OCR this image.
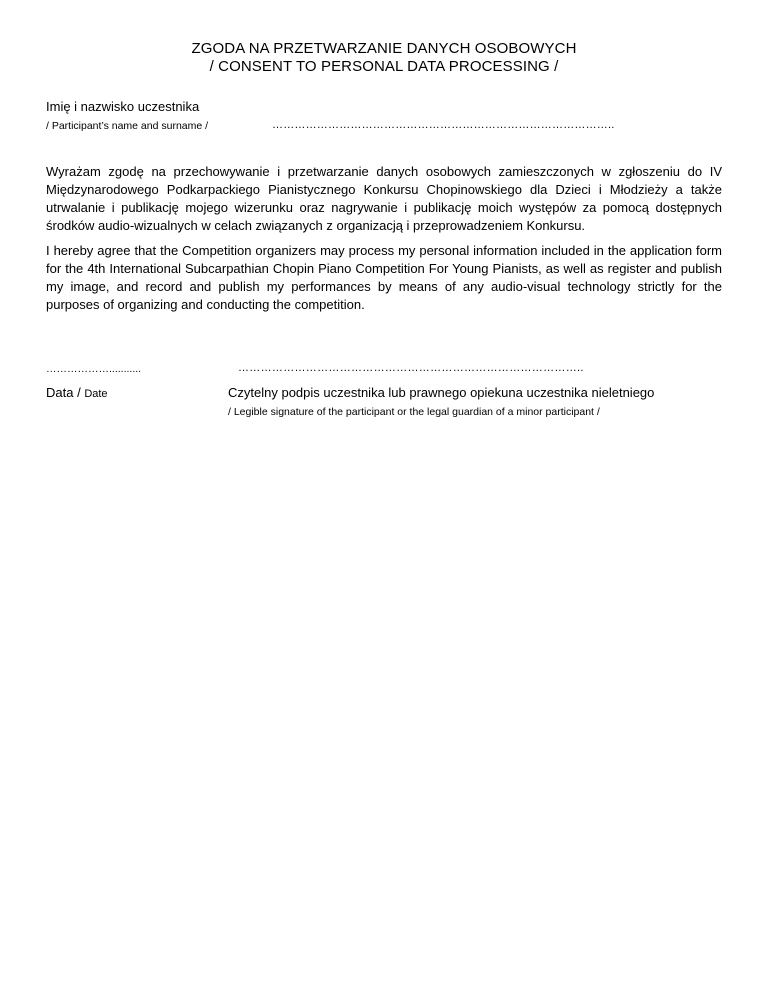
ZGODA NA PRZETWARZANIE DANYCH OSOBOWYCH
/ CONSENT TO PERSONAL DATA PROCESSING /
Imię i nazwisko uczestnika
/ Participant’s name and surname /	………………………………………………………………………………..

Wyrażam zgodę na przechowywanie i przetwarzanie danych osobowych zamieszczonych w zgłoszeniu do IV Międzynarodowego Podkarpackiego Pianistycznego Konkursu Chopinowskiego dla Dzieci i Młodzieży a także utrwalanie i publikację mojego wizerunku oraz nagrywanie i publikację moich występów za pomocą dostępnych środków audio-wizualnych w celach związanych z organizacją i przeprowadzeniem Konkursu.

I hereby agree that the Competition organizers may process my personal information included in the application form for the 4th International Subcarpathian Chopin Piano Competition For Young Pianists, as well as register and publish my image, and record and publish my performances by means of any audio-visual technology strictly for the purposes of organizing and conducting the competition.

………………...........	………………………………………………………………………………..
Data / Date	Czytelny podpis uczestnika lub prawnego opiekuna uczestnika nieletniego
/ Legible signature of the participant or the legal guardian of a minor participant /
